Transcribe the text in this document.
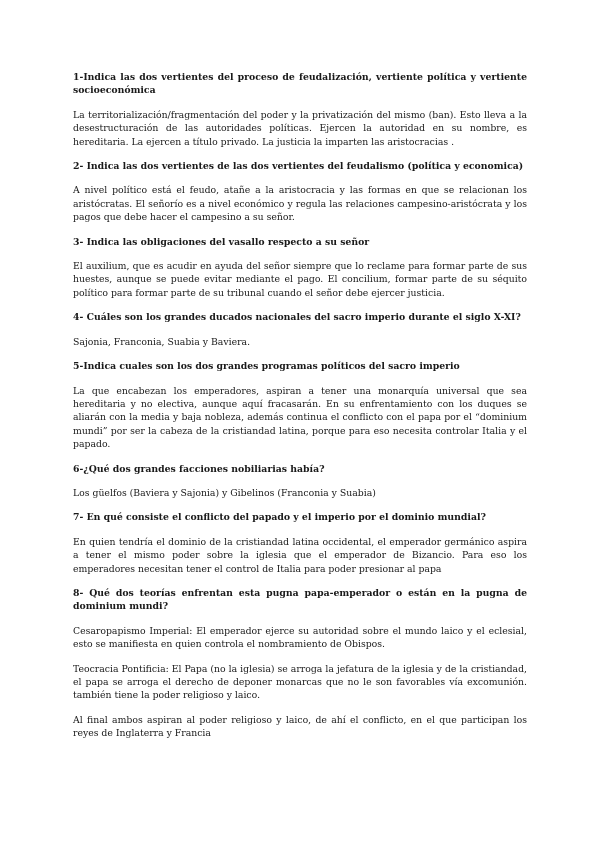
1-Indica las dos vertientes del proceso de feudalización, vertiente política y vertiente socioeconómica

La territorialización/fragmentación del poder y la privatización del mismo (ban). Esto lleva a la desestructuración de las autoridades políticas. Ejercen la autoridad en su nombre, es hereditaria. La ejercen a título privado. La justicia la imparten las aristocracias .

2- Indica las dos vertientes de las dos vertientes del feudalismo (política y economica)

A nivel político está el feudo, atañe a la aristocracia y las formas en que se relacionan los aristócratas. El señorío es a nivel económico y regula las relaciones campesino-aristócrata y los pagos que debe hacer el campesino a su señor.

3- Indica las obligaciones del vasallo respecto a su señor

El auxilium, que es acudir en ayuda del señor siempre que lo reclame para formar parte de sus huestes, aunque se puede evitar mediante el pago. El concilium, formar parte de su séquito político para formar parte de su tribunal cuando el señor debe ejercer justicia.

4- Cuáles son los grandes ducados nacionales del sacro imperio durante el siglo X-XI?

Sajonia, Franconia, Suabia y Baviera.

5-Indica cuales son los dos grandes programas políticos del sacro imperio

La que encabezan los emperadores, aspiran a tener una monarquía universal que sea hereditaria y no electiva, aunque aquí fracasarán. En su enfrentamiento con los duques se aliarán con la media y baja nobleza, además continua el conflicto con el papa por el “dominium mundi” por ser la cabeza de la cristiandad latina, porque para eso necesita controlar Italia y el papado.

6-¿Qué dos grandes facciones nobiliarias había?

Los güelfos (Baviera y Sajonia) y Gibelinos (Franconia y Suabia)

7- En qué consiste el conflicto del papado y el imperio por el dominio mundial?

En quien tendría el dominio de la cristiandad latina occidental, el emperador germánico aspira a tener el mismo poder sobre la iglesia que el emperador de Bizancio. Para eso los emperadores necesitan tener el control de Italia para poder presionar al papa

8- Qué dos teorías enfrentan esta pugna papa-emperador o están en la pugna de dominium mundi?

Cesaropapismo Imperial: El emperador ejerce su autoridad sobre el mundo laico y el eclesial, esto se manifiesta en quien controla el nombramiento de Obispos.

Teocracia Pontificia: El Papa (no la iglesia) se arroga la jefatura de la iglesia y de la cristiandad, el papa se arroga el derecho de deponer monarcas que no le son favorables vía excomunión. también tiene la poder religioso y laico.

Al final ambos aspiran al poder religioso y laico, de ahí el conflicto, en el que participan los reyes de Inglaterra y Francia
